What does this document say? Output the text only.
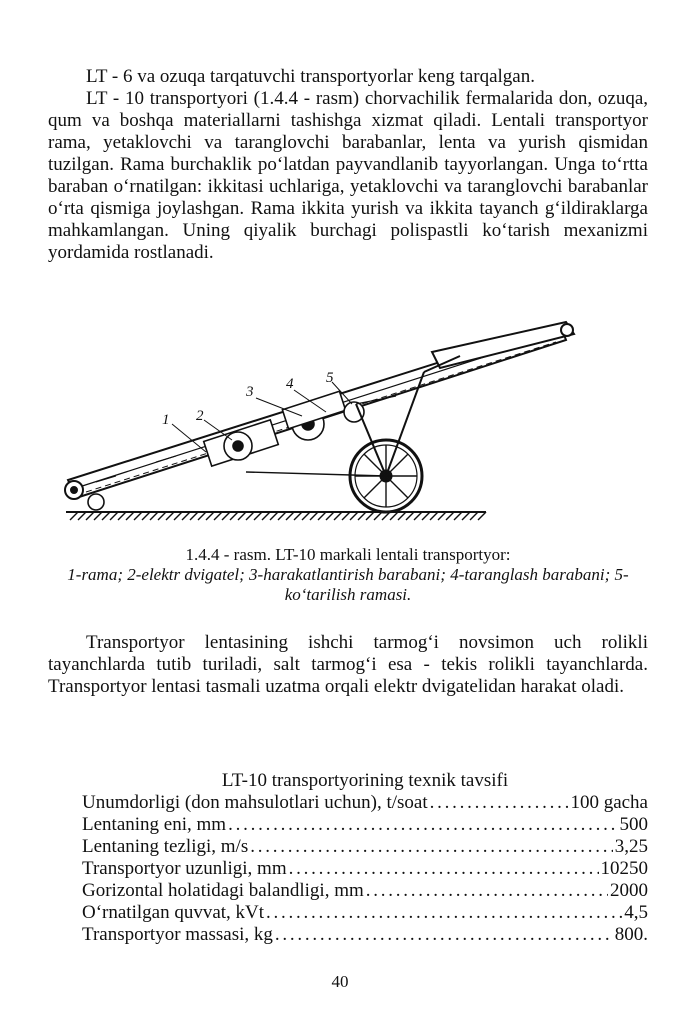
LT - 6 va ozuqa tarqatuvchi transportyorlar keng tarqalgan.

LT - 10 transportyori (1.4.4 - rasm) chorvachilik fermalarida don, ozuqa, qum va boshqa materiallarni tashishga xizmat qiladi. Lentali transportyor rama, yetaklovchi va taranglovchi barabanlar, lenta va yurish qismidan tuzilgan. Rama burchaklik po‘latdan payvandlanib tayyorlangan. Unga to‘rtta baraban o‘rnatilgan: ikkitasi uchlariga, yetaklovchi va taranglovchi barabanlar o‘rta qismiga joylashgan. Rama ikkita yurish va ikkita tayanch g‘ildiraklarga mahkamlangan. Uning qiyalik burchagi polispastli ko‘tarish mexanizmi yordamida rostlanadi.

1 2
3 4 5
1.4.4 - rasm. LT-10 markali lentali transportyor:
1-rama; 2-elektr dvigatel; 3-harakatlantirish barabani; 4-taranglash barabani; 5-ko‘tarilish ramasi.

Transportyor lentasining ishchi tarmog‘i novsimon uch rolikli tayanchlarda tutib turiladi, salt tarmog‘i esa - tekis rolikli tayanchlarda. Transportyor lentasi tasmali uzatma orqali elektr dvigatelidan harakat oladi.

LT-10 transportyorining texnik tavsifi
Unumdorligi (don mahsulotlari uchun), t/soat . . .	100 gacha
Lentaning eni, mm . . .	500
Lentaning tezligi, m/s . . .	3,25
Transportyor uzunligi, mm . . .	10250
Gorizontal holatidagi balandligi, mm . . .	2000
O‘rnatilgan quvvat, kVt . . .	4,5
Transportyor massasi, kg . . .	800.
40
